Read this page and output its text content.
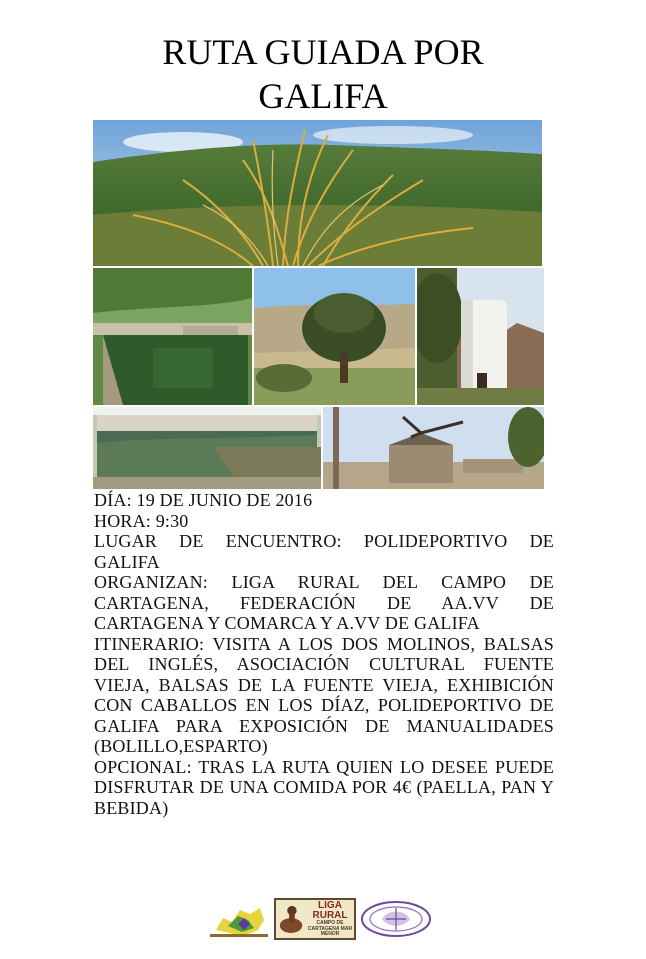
RUTA GUIADA POR
GALIFA

DÍA: 19 DE JUNIO DE 2016

HORA: 9:30

LUGAR DE ENCUENTRO: POLIDEPORTIVO DE GALIFA

ORGANIZAN: LIGA RURAL DEL CAMPO DE CARTAGENA, FEDERACIÓN DE AA.VV DE CARTAGENA Y COMARCA Y A.VV DE GALIFA

ITINERARIO: VISITA A LOS DOS MOLINOS, BALSAS DEL INGLÉS, ASOCIACIÓN CULTURAL FUENTE VIEJA, BALSAS DE LA FUENTE VIEJA, EXHIBICIÓN CON CABALLOS EN LOS DÍAZ, POLIDEPORTIVO DE GALIFA PARA EXPOSICIÓN DE MANUALIDADES (BOLILLO,ESPARTO)

OPCIONAL: TRAS LA RUTA QUIEN LO DESEE PUEDE DISFRUTAR DE UNA COMIDA POR 4€ (PAELLA, PAN Y BEBIDA)

LIGA
RURAL
CAMPO DE CARTAGENA MAR MENOR
